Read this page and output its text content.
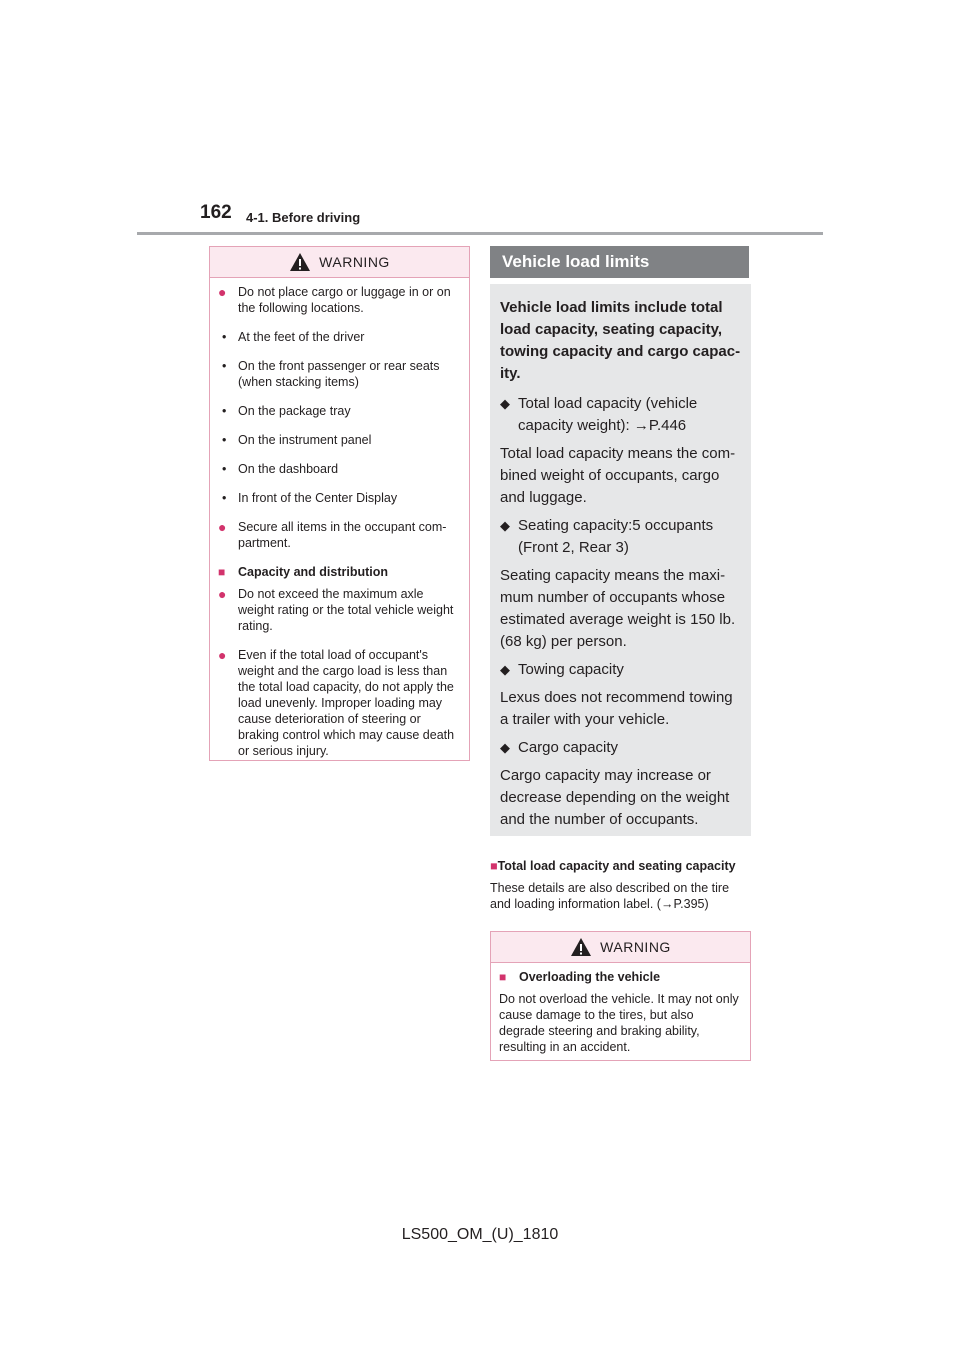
162 4-1. Before driving
WARNING
● Do not place cargo or luggage in or on the following locations.
• At the feet of the driver
• On the front passenger or rear seats (when stacking items)
• On the package tray
• On the instrument panel
• On the dashboard
• In front of the Center Display
● Secure all items in the occupant com-partment.
■	Capacity and distribution
● Do not exceed the maximum axle weight rating or the total vehicle weight rating.
● Even if the total load of occupant's weight and the cargo load is less than the total load capacity, do not apply the load unevenly. Improper loading may cause deterioration of steering or braking control which may cause death or serious injury.
Vehicle load limits

Vehicle load limits include total load capacity, seating capacity, towing capacity and cargo capac-ity.

◆ Total load capacity (vehicle capacity weight): →P.446

Total load capacity means the com-bined weight of occupants, cargo and luggage.

◆ Seating capacity:5 occupants (Front 2, Rear 3)

Seating capacity means the maxi-mum number of occupants whose estimated average weight is 150 lb. (68 kg) per person.

◆ Towing capacity

Lexus does not recommend towing a trailer with your vehicle.

◆ Cargo capacity

Cargo capacity may increase or decrease depending on the weight and the number of occupants.

■Total load capacity and seating capacity
These details are also described on the tire and loading information label. (→P.395)
WARNING
■	Overloading the vehicle

Do not overload the vehicle. It may not only cause damage to the tires, but also degrade steering and braking ability, resulting in an accident.

LS500_OM_(U)_1810
